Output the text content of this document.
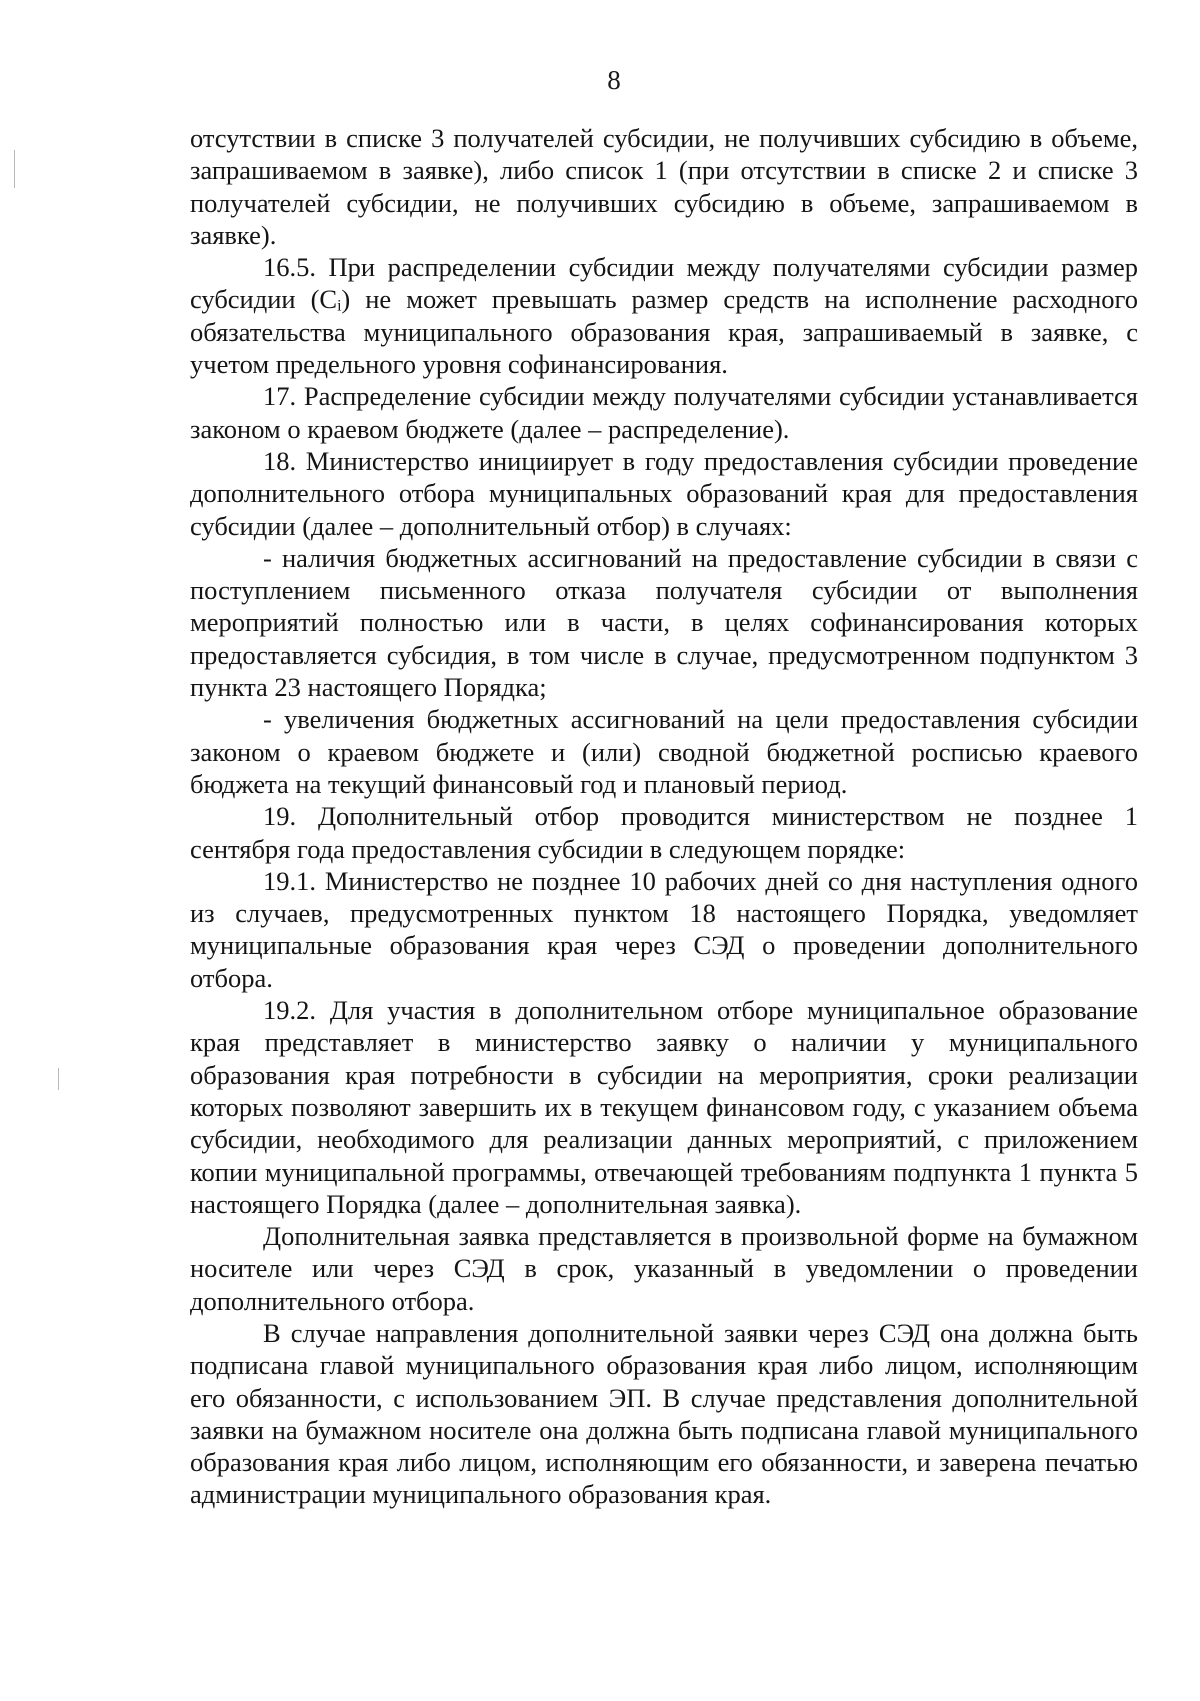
8

отсутствии в списке 3 получателей субсидии, не получивших субсидию в объеме, запрашиваемом в заявке), либо список 1 (при отсутствии в списке 2 и списке 3 получателей субсидии, не получивших субсидию в объеме, запрашиваемом в заявке).

16.5. При распределении субсидии между получателями субсидии размер субсидии (Cᵢ) не может превышать размер средств на исполнение расходного обязательства муниципального образования края, запрашиваемый в заявке, с учетом предельного уровня софинансирования.

17. Распределение субсидии между получателями субсидии устанавливается законом о краевом бюджете (далее – распределение).

18. Министерство инициирует в году предоставления субсидии проведение дополнительного отбора муниципальных образований края для предоставления субсидии (далее – дополнительный отбор) в случаях:

- наличия бюджетных ассигнований на предоставление субсидии в связи с поступлением письменного отказа получателя субсидии от выполнения мероприятий полностью или в части, в целях софинансирования которых предоставляется субсидия, в том числе в случае, предусмотренном подпунктом 3 пункта 23 настоящего Порядка;

- увеличения бюджетных ассигнований на цели предоставления субсидии законом о краевом бюджете и (или) сводной бюджетной росписью краевого бюджета на текущий финансовый год и плановый период.

19. Дополнительный отбор проводится министерством не позднее 1 сентября года предоставления субсидии в следующем порядке:

19.1. Министерство не позднее 10 рабочих дней со дня наступления одного из случаев, предусмотренных пунктом 18 настоящего Порядка, уведомляет муниципальные образования края через СЭД о проведении дополнительного отбора.

19.2. Для участия в дополнительном отборе муниципальное образование края представляет в министерство заявку о наличии у муниципального образования края потребности в субсидии на мероприятия, сроки реализации которых позволяют завершить их в текущем финансовом году, с указанием объема субсидии, необходимого для реализации данных мероприятий, с приложением копии муниципальной программы, отвечающей требованиям подпункта 1 пункта 5 настоящего Порядка (далее – дополнительная заявка).

Дополнительная заявка представляется в произвольной форме на бумажном носителе или через СЭД в срок, указанный в уведомлении о проведении дополнительного отбора.

В случае направления дополнительной заявки через СЭД она должна быть подписана главой муниципального образования края либо лицом, исполняющим его обязанности, с использованием ЭП. В случае представления дополнительной заявки на бумажном носителе она должна быть подписана главой муниципального образования края либо лицом, исполняющим его обязанности, и заверена печатью администрации муниципального образования края.
